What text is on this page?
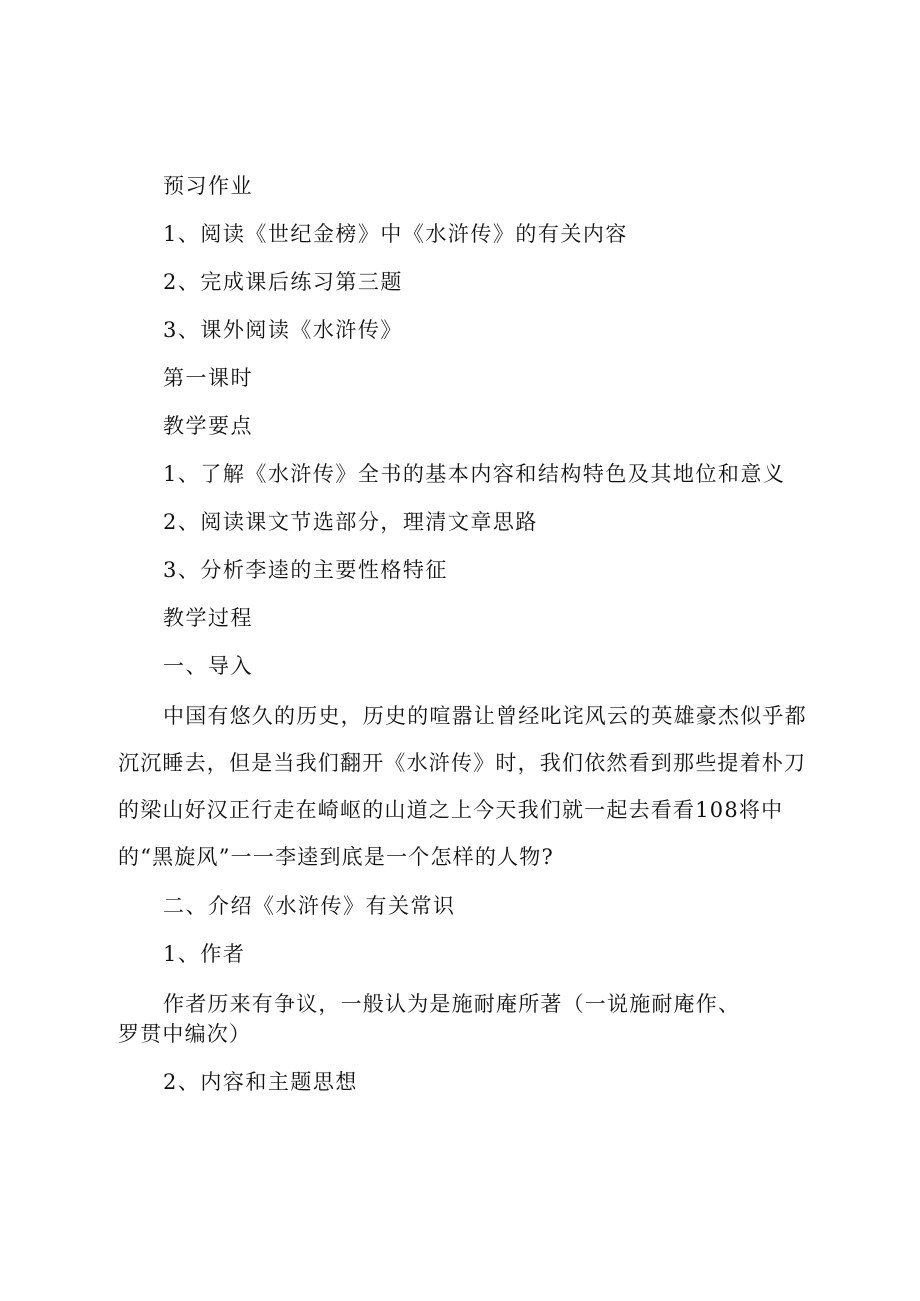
预习作业
1、阅读《世纪金榜》中《水浒传》的有关内容
2、完成课后练习第三题
3、课外阅读《水浒传》
第一课时
教学要点
1、了解《水浒传》全书的基本内容和结构特色及其地位和意义
2、阅读课文节选部分，理清文章思路
3、分析李逵的主要性格特征
教学过程
一、导入
中国有悠久的历史，历史的喧嚣让曾经叱诧风云的英雄豪杰似乎都
沉沉睡去，但是当我们翻开《水浒传》时，我们依然看到那些提着朴刀
的梁山好汉正行走在崎岖的山道之上今天我们就一起去看看108将中
的“黑旋风”一一李逵到底是一个怎样的人物?
二、介绍《水浒传》有关常识
1、作者
作者历来有争议，一般认为是施耐庵所著（一说施耐庵作、
罗贯中编次）
2、内容和主题思想
